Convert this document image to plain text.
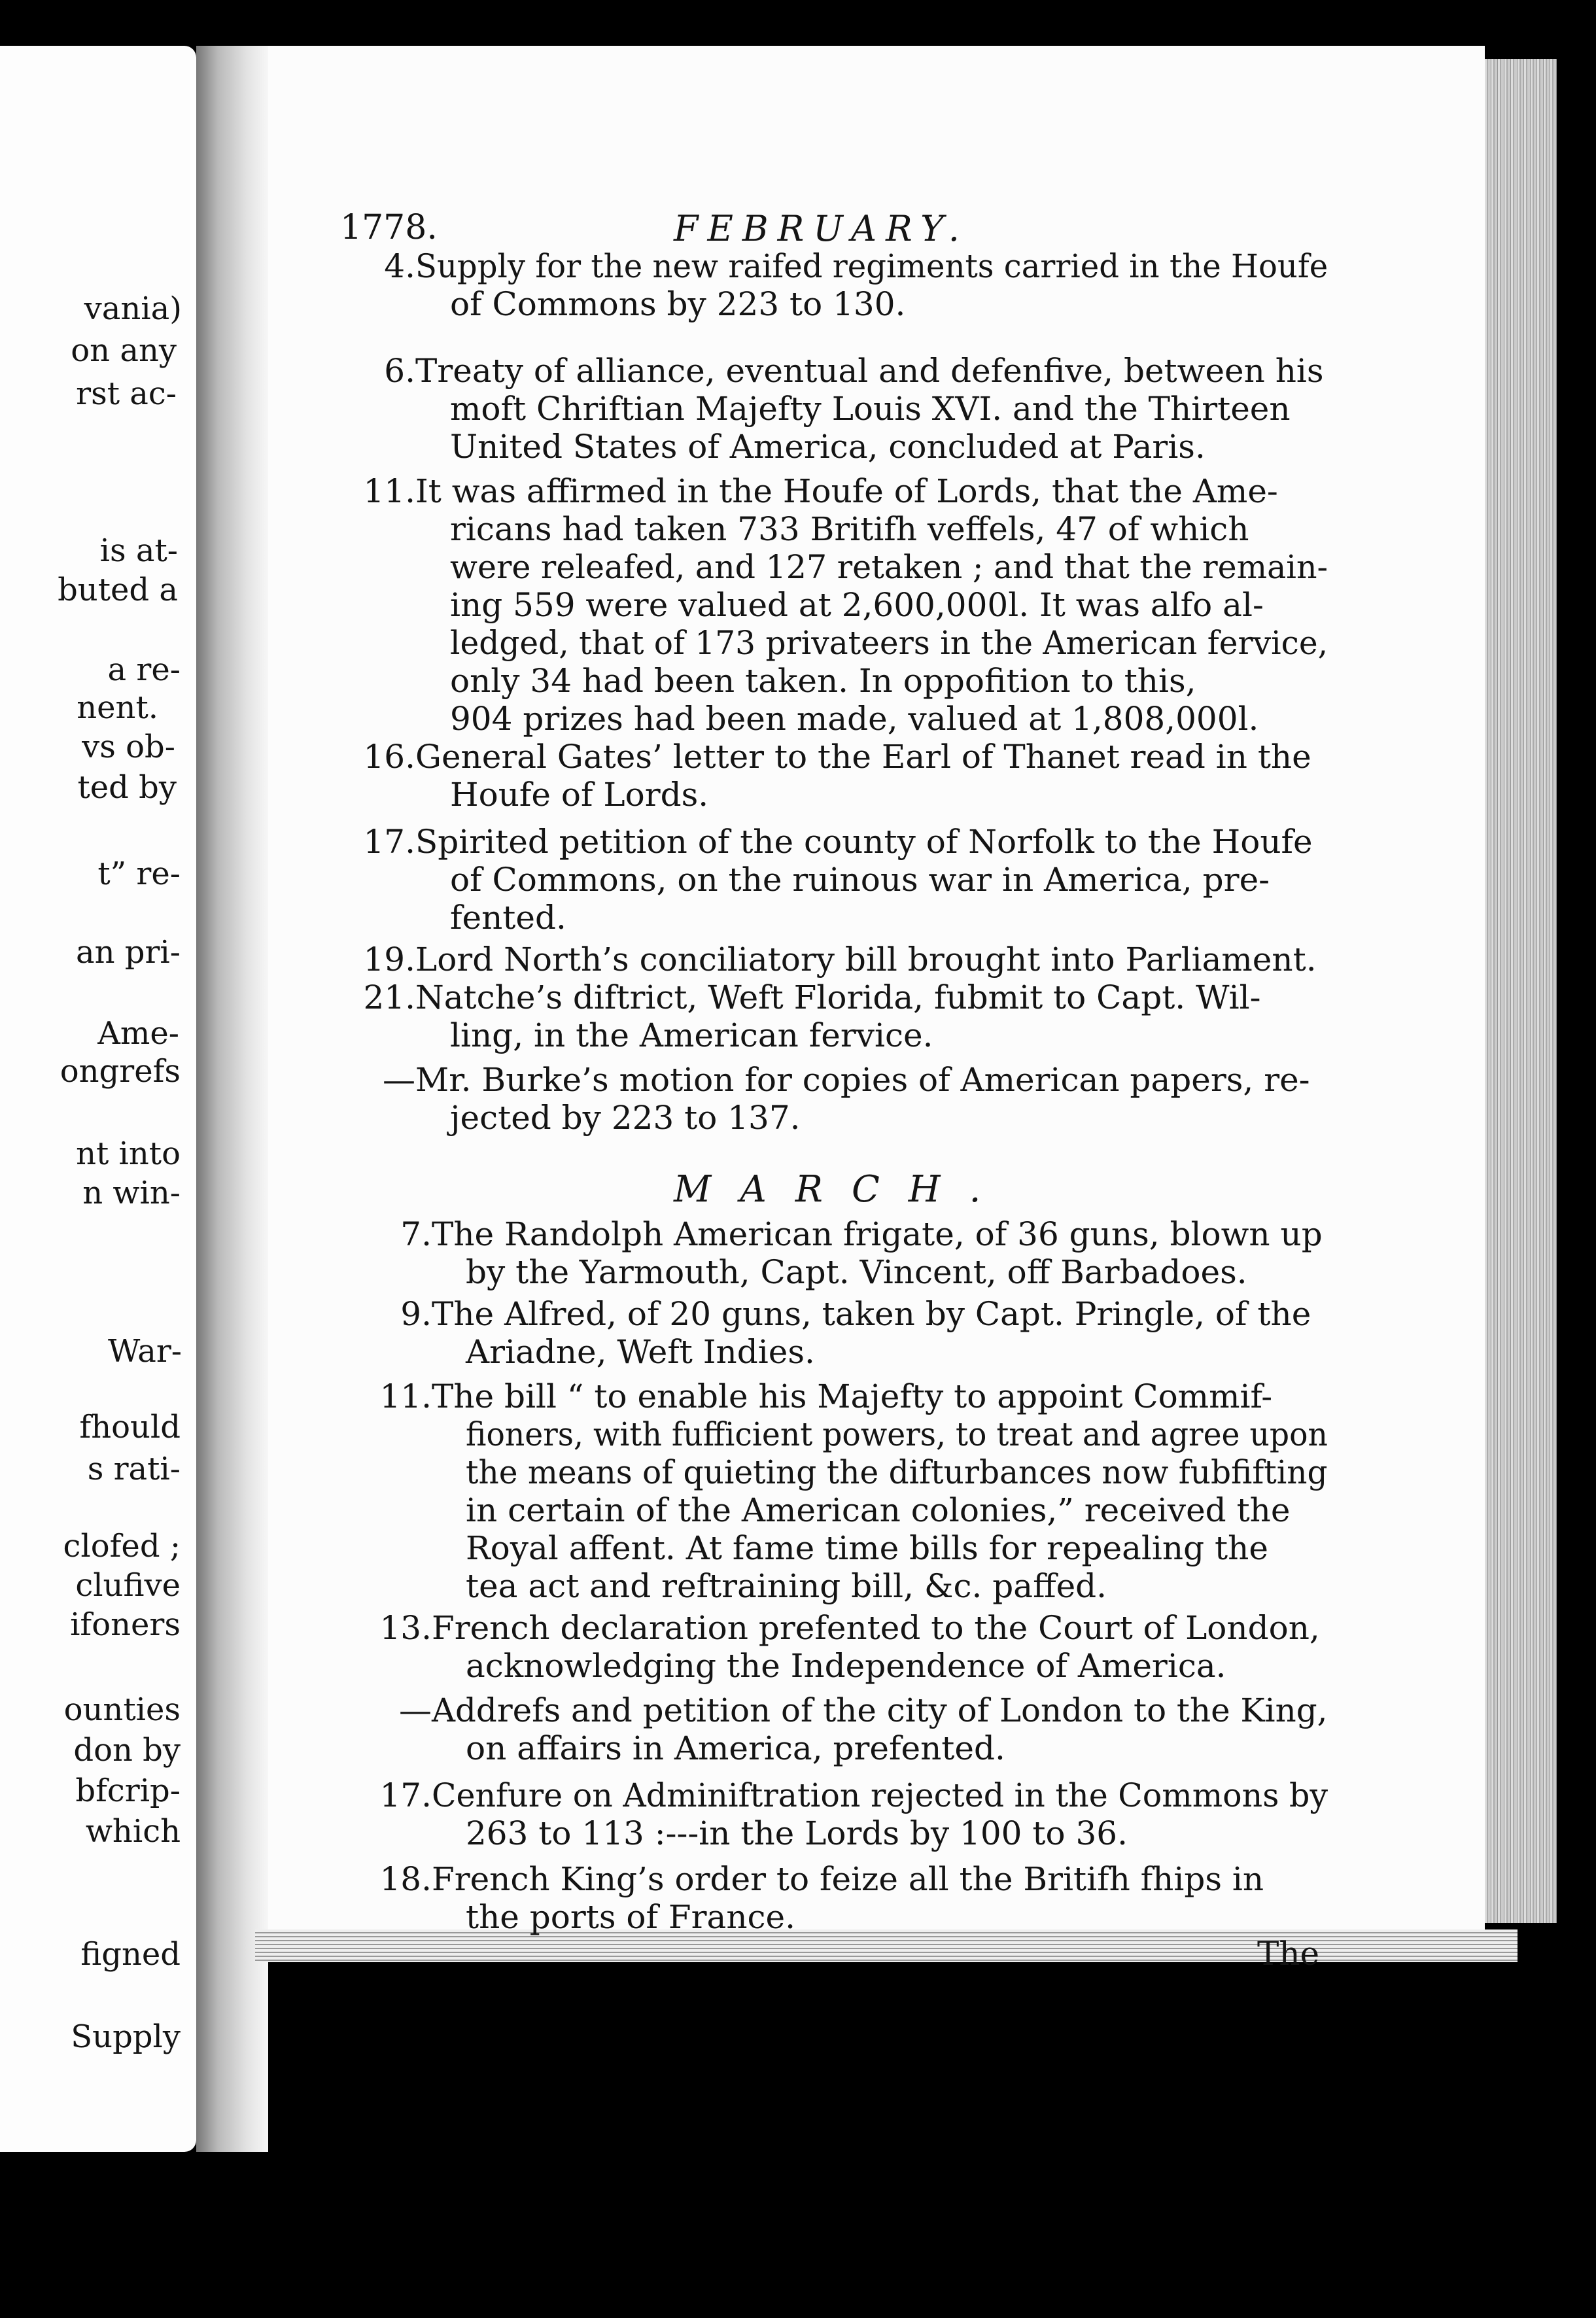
vania)
on any
rst ac-
is at-
buted a
a re-
nent.
vs ob-
ted by
t” re-
an pri-
Ame-
ongrefs
nt into
n win-
War-
fhould
s rati-
clofed ;
clufive
ifoners
ounties
don by
bfcrip-
which
figned
Supply
1778.	FEBRUARY.
4. Supply for the new raifed regiments carried in the Houfe
of Commons by 223 to 130.
6. Treaty of alliance, eventual and defenfive, between his
moft Chriftian Majefty Louis XVI. and the Thirteen
United States of America, concluded at Paris.
11. It was affirmed in the Houfe of Lords, that the Ame-
ricans had taken 733 Britifh veffels, 47 of which
were releafed, and 127 retaken ; and that the remain-
ing 559 were valued at 2,600,000l. It was alfo al-
ledged, that of 173 privateers in the American fervice,
only 34 had been taken. In oppofition to this,
904 prizes had been made, valued at 1,808,000l.
16. General Gates’ letter to the Earl of Thanet read in the
Houfe of Lords.
17. Spirited petition of the county of Norfolk to the Houfe
of Commons, on the ruinous war in America, pre-
fented.
19. Lord North’s conciliatory bill brought into Parliament.
21. Natche’s diftrict, Weft Florida, fubmit to Capt. Wil-
ling, in the American fervice.
— Mr. Burke’s motion for copies of American papers, re-
jected by 223 to 137.
MARCH.
7. The Randolph American frigate, of 36 guns, blown up
by the Yarmouth, Capt. Vincent, off Barbadoes.
9. The Alfred, of 20 guns, taken by Capt. Pringle, of the
Ariadne, Weft Indies.
11. The bill “ to enable his Majefty to appoint Commif-
fioners, with fufficient powers, to treat and agree upon
the means of quieting the difturbances now fubfifting
in certain of the American colonies,” received the
Royal affent. At fame time bills for repealing the
tea act and reftraining bill, &c. paffed.
13. French declaration prefented to the Court of London,
acknowledging the Independence of America.
— Addrefs and petition of the city of London to the King,
on affairs in America, prefented.
17. Cenfure on Adminiftration rejected in the Commons by
263 to 113 :---in the Lords by 100 to 36.
18. French King’s order to feize all the Britifh fhips in
the ports of France.
The
